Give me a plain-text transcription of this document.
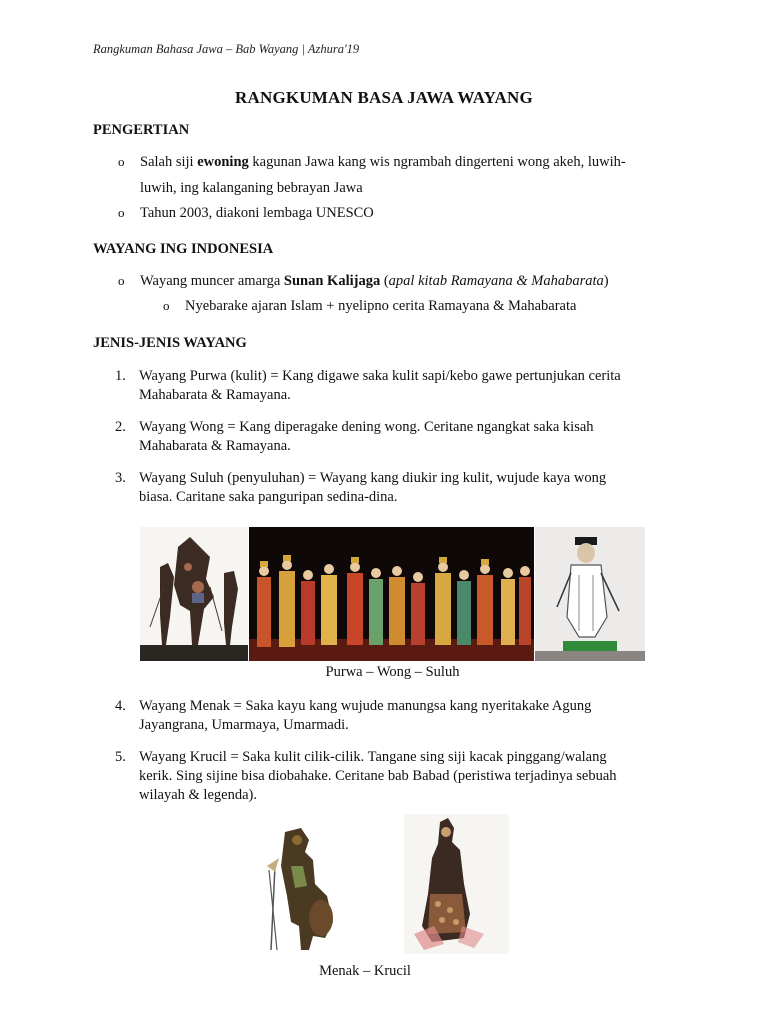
Rangkuman Bahasa Jawa – Bab Wayang | Azhura'19
RANGKUMAN BASA JAWA WAYANG
PENGERTIAN
o Salah siji ewoning kagunan Jawa kang wis ngrambah dingerteni wong akeh, luwih-
luwih, ing kalanganing bebrayan Jawa
o Tahun 2003, diakoni lembaga UNESCO
WAYANG ING INDONESIA
o Wayang muncer amarga Sunan Kalijaga (apal kitab Ramayana & Mahabarata)
o Nyebarake ajaran Islam + nyelipno cerita Ramayana & Mahabarata
JENIS-JENIS WAYANG
1. Wayang Purwa (kulit) = Kang digawe saka kulit sapi/kebo gawe pertunjukan cerita
Mahabarata & Ramayana.
2. Wayang Wong = Kang diperagake dening wong. Ceritane ngangkat saka kisah
Mahabarata & Ramayana.
3. Wayang Suluh (penyuluhan) = Wayang kang diukir ing kulit, wujude kaya wong
biasa. Caritane saka panguripan sedina-dina.
Purwa – Wong – Suluh
4. Wayang Menak = Saka kayu kang wujude manungsa kang nyeritakake Agung
Jayangrana, Umarmaya, Umarmadi.
5. Wayang Krucil = Saka kulit cilik-cilik. Tangane sing siji kacak pinggang/walang
kerik. Sing sijine bisa diobahake. Ceritane bab Babad (peristiwa terjadinya sebuah
wilayah & legenda).
Menak – Krucil
